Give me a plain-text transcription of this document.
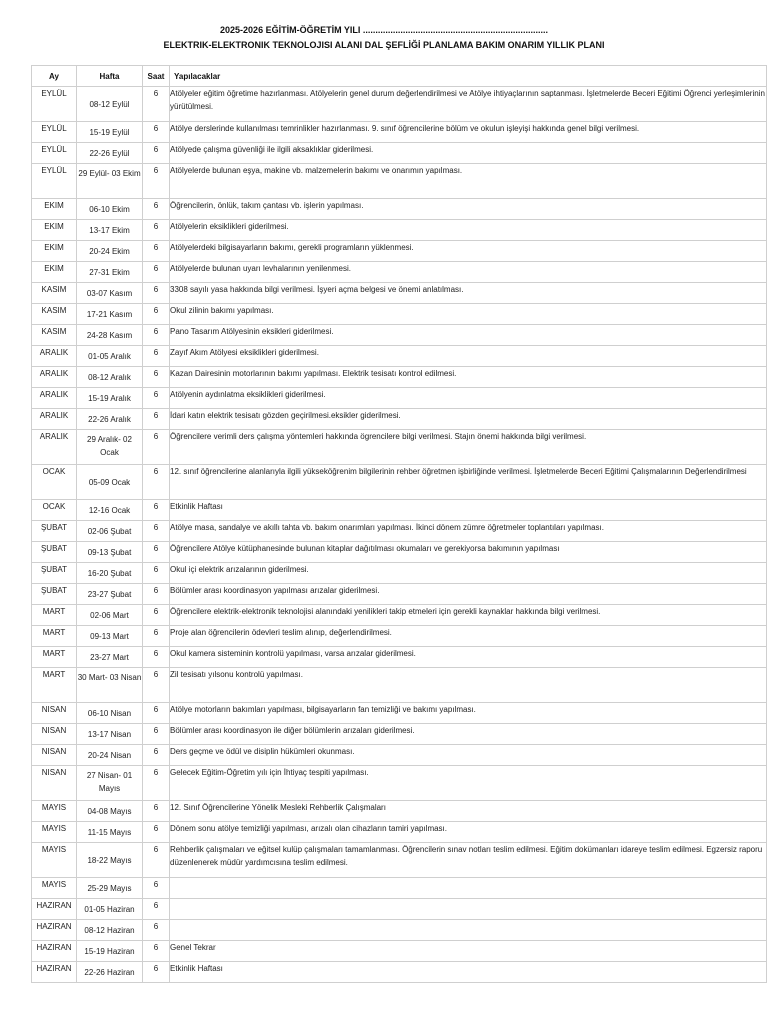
2025-2026 EĞİTİM-ÖĞRETİM YILI ..........................................................................
ELEKTRIK-ELEKTRONIK TEKNOLOJISI ALANI DAL ŞEFLİĞİ PLANLAMA BAKIM ONARIM YILLIK PLANI
Ay	Hafta	Saat	Yapılacaklar
EYLÜL	08-12 Eylül	6	Atölyeler eğitim öğretime hazırlanması. Atölyelerin genel durum değerlendirilmesi ve Atölye ihtiyaçlarının saptanması. İşletmelerde Beceri Eğitimi Öğrenci yerleşimlerinin yürütülmesi.
EYLÜL	15-19 Eylül	6	Atölye derslerinde kullanılması temrinlikler hazırlanması. 9. sınıf öğrencilerine bölüm ve okulun işleyişi hakkında genel bilgi verilmesi.
EYLÜL	22-26 Eylül	6	Atölyede çalışma güvenliği ile ilgili aksaklıklar giderilmesi.
EYLÜL	29 Eylül- 03 Ekim	6	Atölyelerde bulunan eşya, makine vb. malzemelerin bakımı ve onarımın yapılması.
EKIM	06-10 Ekim	6	Öğrencilerin, önlük, takım çantası vb. işlerin yapılması.
EKIM	13-17 Ekim	6	Atölyelerin eksiklikleri giderilmesi.
EKIM	20-24 Ekim	6	Atölyelerdeki bilgisayarların bakımı, gerekli programların yüklenmesi.
EKIM	27-31 Ekim	6	Atölyelerde bulunan uyarı levhalarının yenilenmesi.
KASIM	03-07 Kasım	6	3308 sayılı yasa hakkında bilgi verilmesi. İşyeri açma belgesi ve önemi anlatılması.
KASIM	17-21 Kasım	6	Okul zilinin bakımı yapılması.
KASIM	24-28 Kasım	6	Pano Tasarım Atölyesinin eksikleri giderilmesi.
ARALIK	01-05 Aralık	6	Zayıf Akım Atölyesi eksiklikleri giderilmesi.
ARALIK	08-12 Aralık	6	Kazan Dairesinin motorlarının bakımı yapılması. Elektrik tesisatı kontrol edilmesi.
ARALIK	15-19 Aralık	6	Atölyenin aydınlatma eksiklikleri giderilmesi.
ARALIK	22-26 Aralık	6	İdari katın elektrik tesisatı gözden geçirilmesi.eksikler giderilmesi.
ARALIK	29 Aralık- 02 Ocak	6	Öğrencilere verimli ders çalışma yöntemleri hakkında ögrencilere bilgi verilmesi. Stajın önemi hakkında bilgi verilmesi.
OCAK	05-09 Ocak	6	12. sınıf öğrencilerine alanlarıyla ilgili yükseköğrenim bilgilerinin rehber öğretmen işbirliğinde verilmesi. İşletmelerde Beceri Eğitimi Çalışmalarının Değerlendirilmesi
OCAK	12-16 Ocak	6	Etkinlik Haftası
ŞUBAT	02-06 Şubat	6	Atölye masa, sandalye ve akıllı tahta vb. bakım onarımları yapılması. İkinci dönem zümre öğretmeler toplantıları yapılması.
ŞUBAT	09-13 Şubat	6	Öğrencilere Atölye kütüphanesinde bulunan kitaplar dağıtılması okumaları ve gerekiyorsa bakımının yapılması
ŞUBAT	16-20 Şubat	6	Okul içi elektrik arızalarının giderilmesi.
ŞUBAT	23-27 Şubat	6	Bölümler arası koordinasyon yapılması arızalar giderilmesi.
MART	02-06 Mart	6	Öğrencilere elektrik-elektronik teknolojisi alanındaki yenilikleri takip etmeleri için gerekli kaynaklar hakkında bilgi verilmesi.
MART	09-13 Mart	6	Proje alan öğrencilerin ödevleri teslim alınıp, değerlendirilmesi.
MART	23-27 Mart	6	Okul kamera sisteminin kontrolü yapılması, varsa arızalar giderilmesi.
MART	30 Mart- 03 Nisan	6	Zil tesisatı yılsonu kontrolü yapılması.
NISAN	06-10 Nisan	6	Atölye motorların bakımları yapılması, bilgisayarların fan temizliği ve bakımı yapılması.
NISAN	13-17 Nisan	6	Bölümler arası koordinasyon ile diğer bölümlerin arızaları giderilmesi.
NISAN	20-24 Nisan	6	Ders geçme ve ödül ve disiplin hükümleri okunması.
NISAN	27 Nisan- 01 Mayıs	6	Gelecek Eğitim-Öğretim yılı için İhtiyaç tespiti yapılması.
MAYIS	04-08 Mayıs	6	12. Sınıf Öğrencilerine Yönelik Mesleki Rehberlik Çalışmaları
MAYIS	11-15 Mayıs	6	Dönem sonu atölye temizliği yapılması, arızalı olan cihazların tamiri yapılması.
MAYIS	18-22 Mayıs	6	Rehberlik çalışmaları ve eğitsel kulüp çalışmaları tamamlanması. Öğrencilerin sınav notları teslim edilmesi. Eğitim dokümanları idareye teslim edilmesi. Egzersiz raporu düzenlenerek müdür yardımcısına teslim edilmesi.
MAYIS	25-29 Mayıs	6	
HAZIRAN	01-05 Haziran	6	
HAZIRAN	08-12 Haziran	6	
HAZIRAN	15-19 Haziran	6	Genel Tekrar
HAZIRAN	22-26 Haziran	6	Etkinlik Haftası
